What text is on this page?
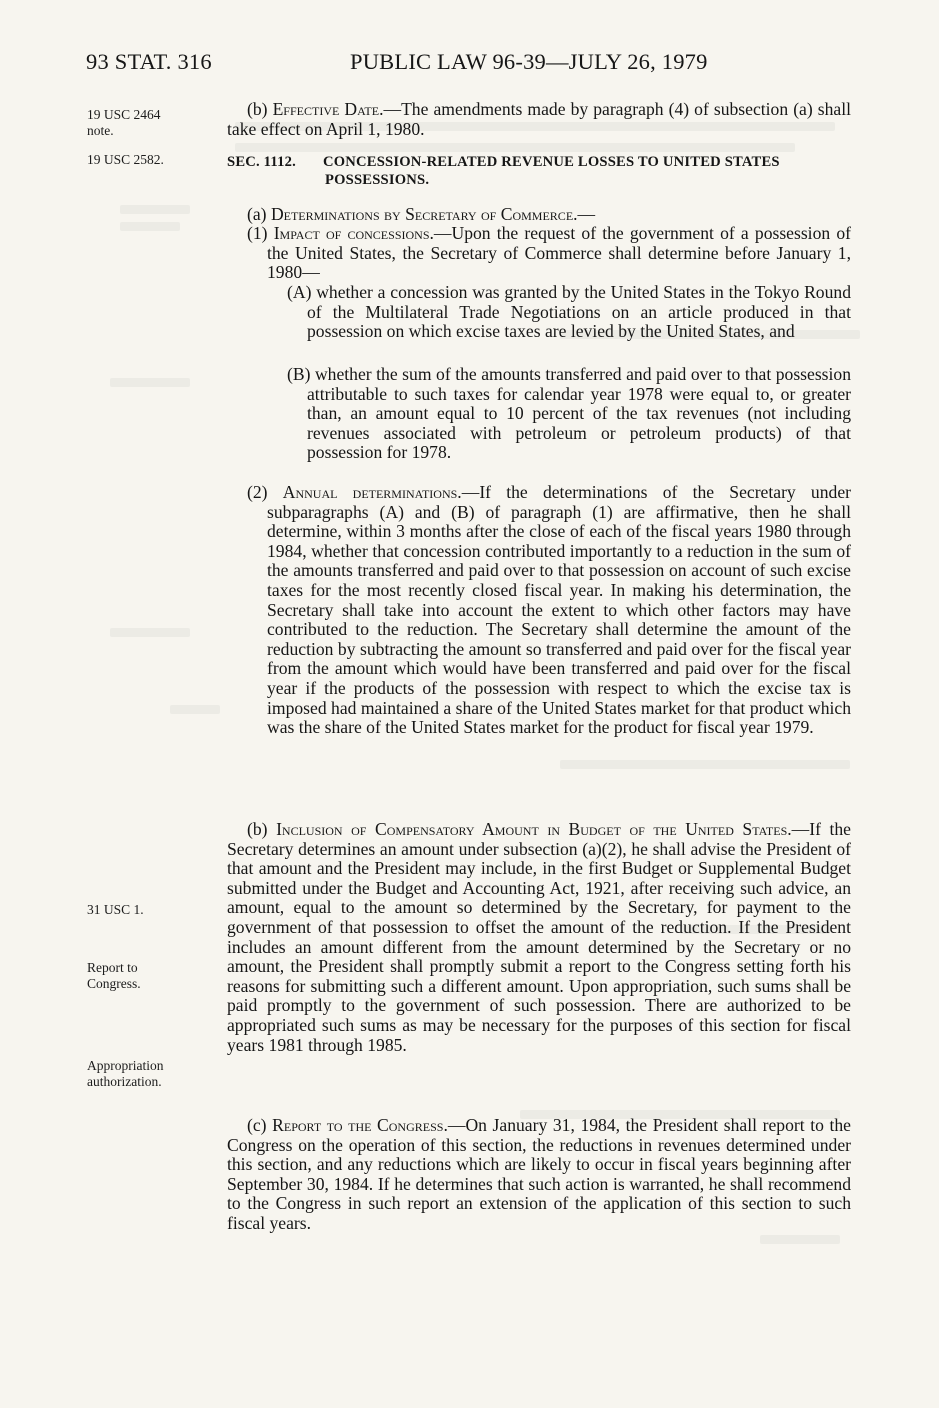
93 STAT. 316	PUBLIC LAW 96-39—JULY 26, 1979
19 USC 2464
note.
19 USC 2582.
31 USC 1.
Report to
Congress.
Appropriation
authorization.

(b) Effective Date.—The amendments made by paragraph (4) of subsection (a) shall take effect on April 1, 1980.

SEC. 1112. CONCESSION-RELATED REVENUE LOSSES TO UNITED STATES
POSSESSIONS.

(a) Determinations by Secretary of Commerce.—

(1) Impact of concessions.—Upon the request of the government of a possession of the United States, the Secretary of Commerce shall determine before January 1, 1980—

(A) whether a concession was granted by the United States in the Tokyo Round of the Multilateral Trade Negotiations on an article produced in that possession on which excise taxes are levied by the United States, and

(B) whether the sum of the amounts transferred and paid over to that possession attributable to such taxes for calendar year 1978 were equal to, or greater than, an amount equal to 10 percent of the tax revenues (not including revenues associated with petroleum or petroleum products) of that possession for 1978.

(2) Annual determinations.—If the determinations of the Secretary under subparagraphs (A) and (B) of paragraph (1) are affirmative, then he shall determine, within 3 months after the close of each of the fiscal years 1980 through 1984, whether that concession contributed importantly to a reduction in the sum of the amounts transferred and paid over to that possession on account of such excise taxes for the most recently closed fiscal year. In making his determination, the Secretary shall take into account the extent to which other factors may have contributed to the reduction. The Secretary shall determine the amount of the reduction by subtracting the amount so transferred and paid over for the fiscal year from the amount which would have been transferred and paid over for the fiscal year if the products of the possession with respect to which the excise tax is imposed had maintained a share of the United States market for that product which was the share of the United States market for the product for fiscal year 1979.

(b) Inclusion of Compensatory Amount in Budget of the United States.—If the Secretary determines an amount under subsection (a)(2), he shall advise the President of that amount and the President may include, in the first Budget or Supplemental Budget submitted under the Budget and Accounting Act, 1921, after receiving such advice, an amount, equal to the amount so determined by the Secretary, for payment to the government of that possession to offset the amount of the reduction. If the President includes an amount different from the amount determined by the Secretary or no amount, the President shall promptly submit a report to the Congress setting forth his reasons for submitting such a different amount. Upon appropriation, such sums shall be paid promptly to the government of such possession. There are authorized to be appropriated such sums as may be necessary for the purposes of this section for fiscal years 1981 through 1985.

(c) Report to the Congress.—On January 31, 1984, the President shall report to the Congress on the operation of this section, the reductions in revenues determined under this section, and any reductions which are likely to occur in fiscal years beginning after September 30, 1984. If he determines that such action is warranted, he shall recommend to the Congress in such report an extension of the application of this section to such fiscal years.
